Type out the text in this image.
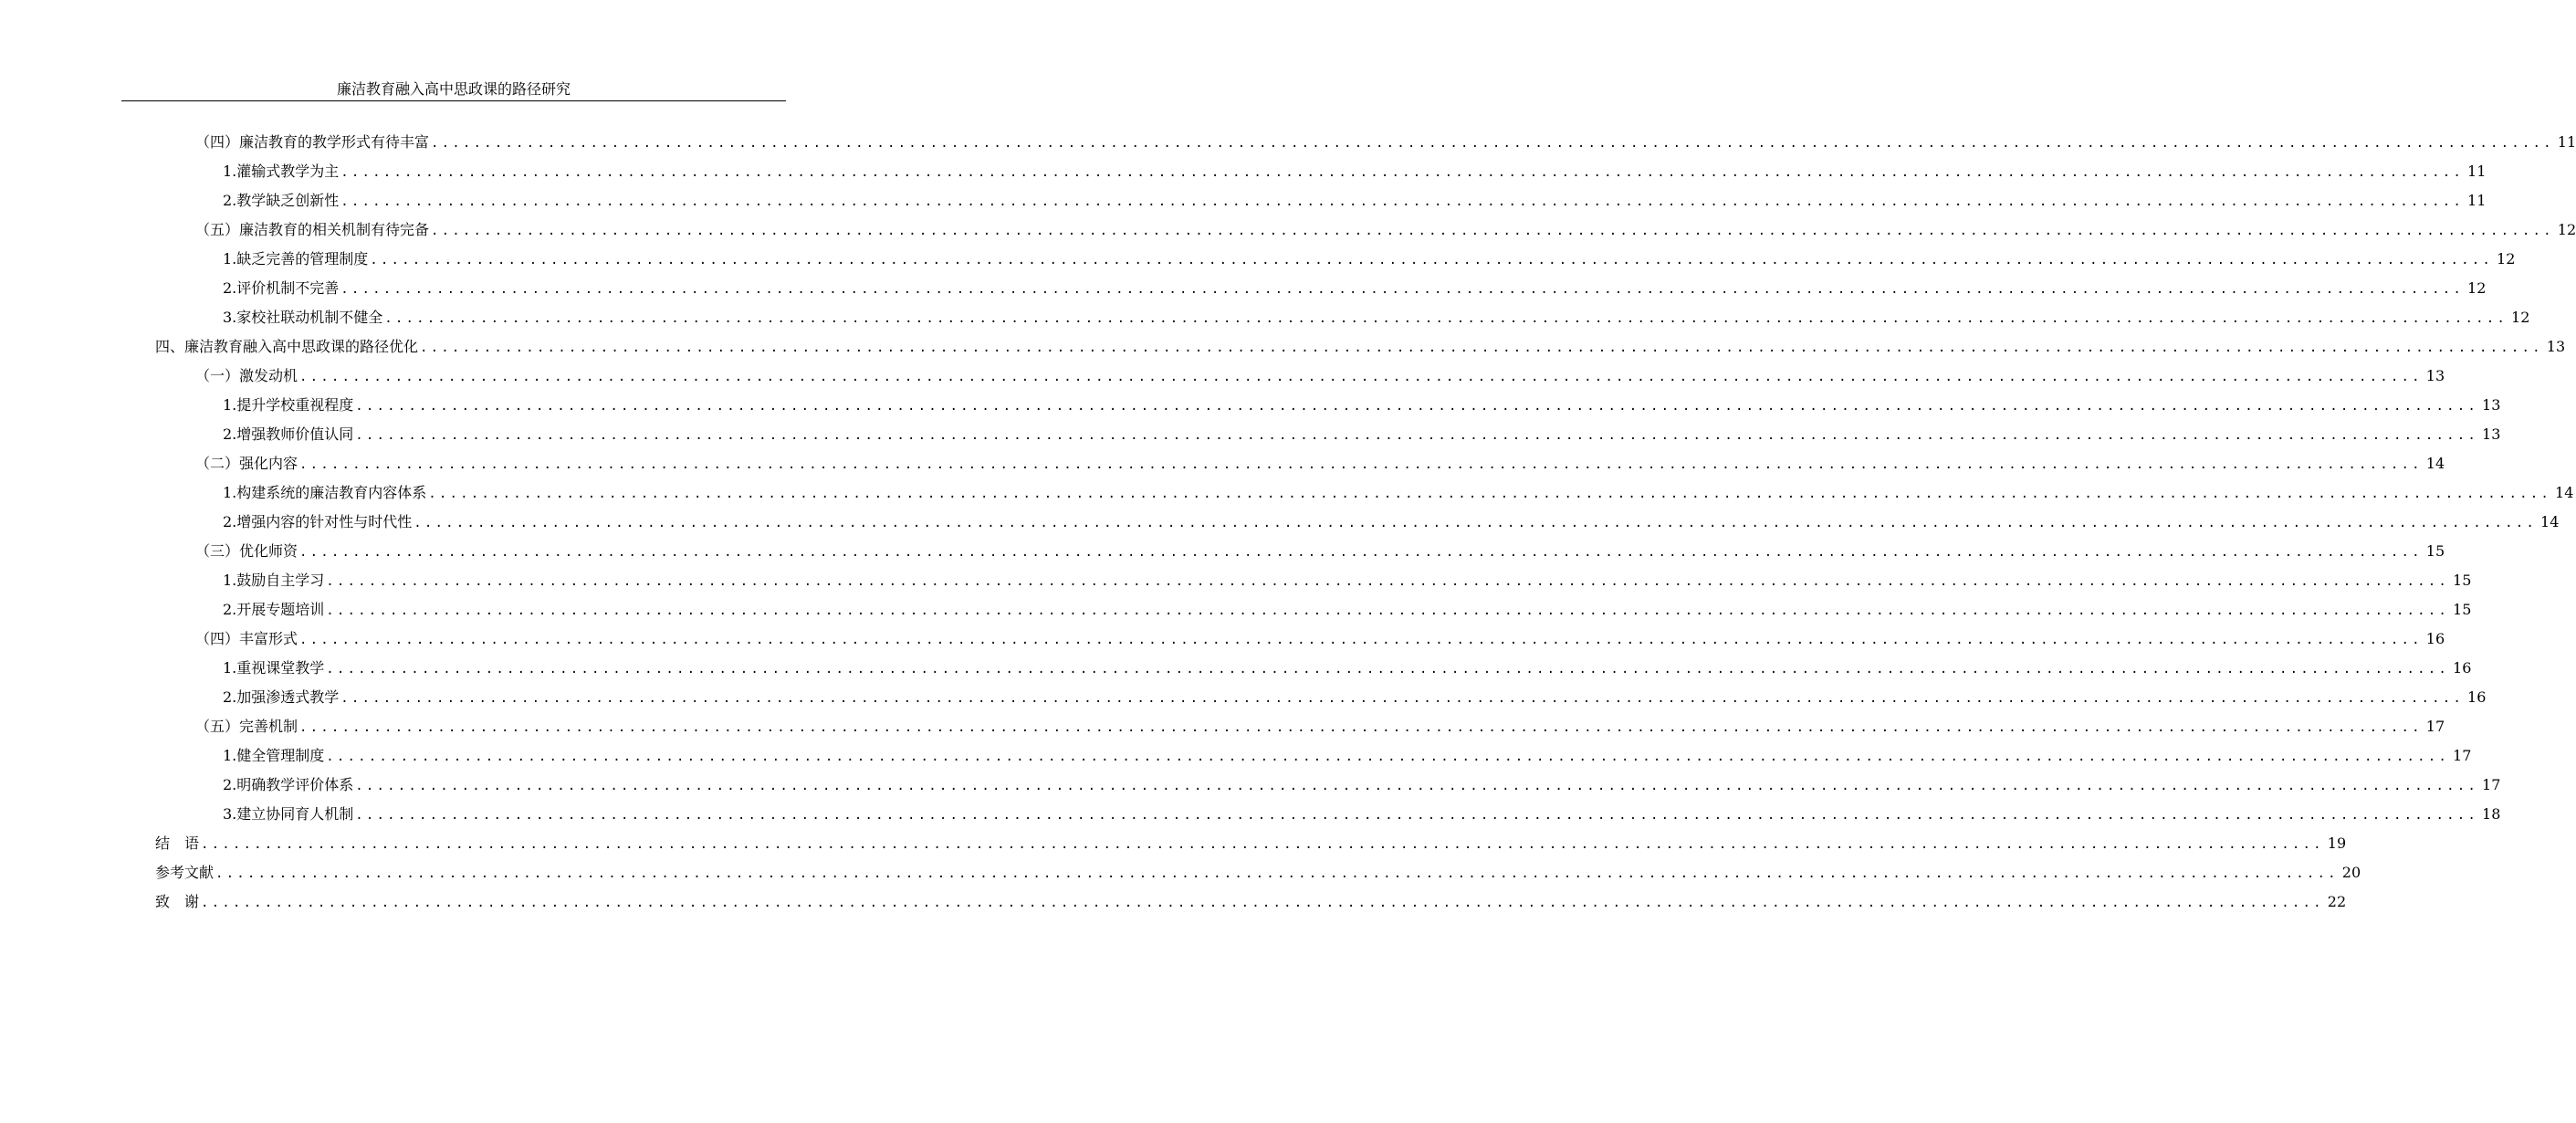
廉洁教育融入高中思政课的路径研究
（四）廉洁教育的教学形式有待丰富 ........................................................................................................................................................................................................ 11
1.灌输式教学为主 ........................................................................................................................................................................................................ 11
2.教学缺乏创新性 ........................................................................................................................................................................................................ 11
（五）廉洁教育的相关机制有待完备 ........................................................................................................................................................................................................ 12
1.缺乏完善的管理制度 ........................................................................................................................................................................................................ 12
2.评价机制不完善 ........................................................................................................................................................................................................ 12
3.家校社联动机制不健全 ........................................................................................................................................................................................................ 12
四、廉洁教育融入高中思政课的路径优化 ........................................................................................................................................................................................................ 13
（一）激发动机 ........................................................................................................................................................................................................ 13
1.提升学校重视程度 ........................................................................................................................................................................................................ 13
2.增强教师价值认同 ........................................................................................................................................................................................................ 13
（二）强化内容 ........................................................................................................................................................................................................ 14
1.构建系统的廉洁教育内容体系 ........................................................................................................................................................................................................ 14
2.增强内容的针对性与时代性 ........................................................................................................................................................................................................ 14
（三）优化师资 ........................................................................................................................................................................................................ 15
1.鼓励自主学习 ........................................................................................................................................................................................................ 15
2.开展专题培训 ........................................................................................................................................................................................................ 15
（四）丰富形式 ........................................................................................................................................................................................................ 16
1.重视课堂教学 ........................................................................................................................................................................................................ 16
2.加强渗透式教学 ........................................................................................................................................................................................................ 16
（五）完善机制 ........................................................................................................................................................................................................ 17
1.健全管理制度 ........................................................................................................................................................................................................ 17
2.明确教学评价体系 ........................................................................................................................................................................................................ 17
3.建立协同育人机制 ........................................................................................................................................................................................................ 18
结　语 ........................................................................................................................................................................................................ 19
参考文献 ........................................................................................................................................................................................................ 20
致　谢 ........................................................................................................................................................................................................ 22
